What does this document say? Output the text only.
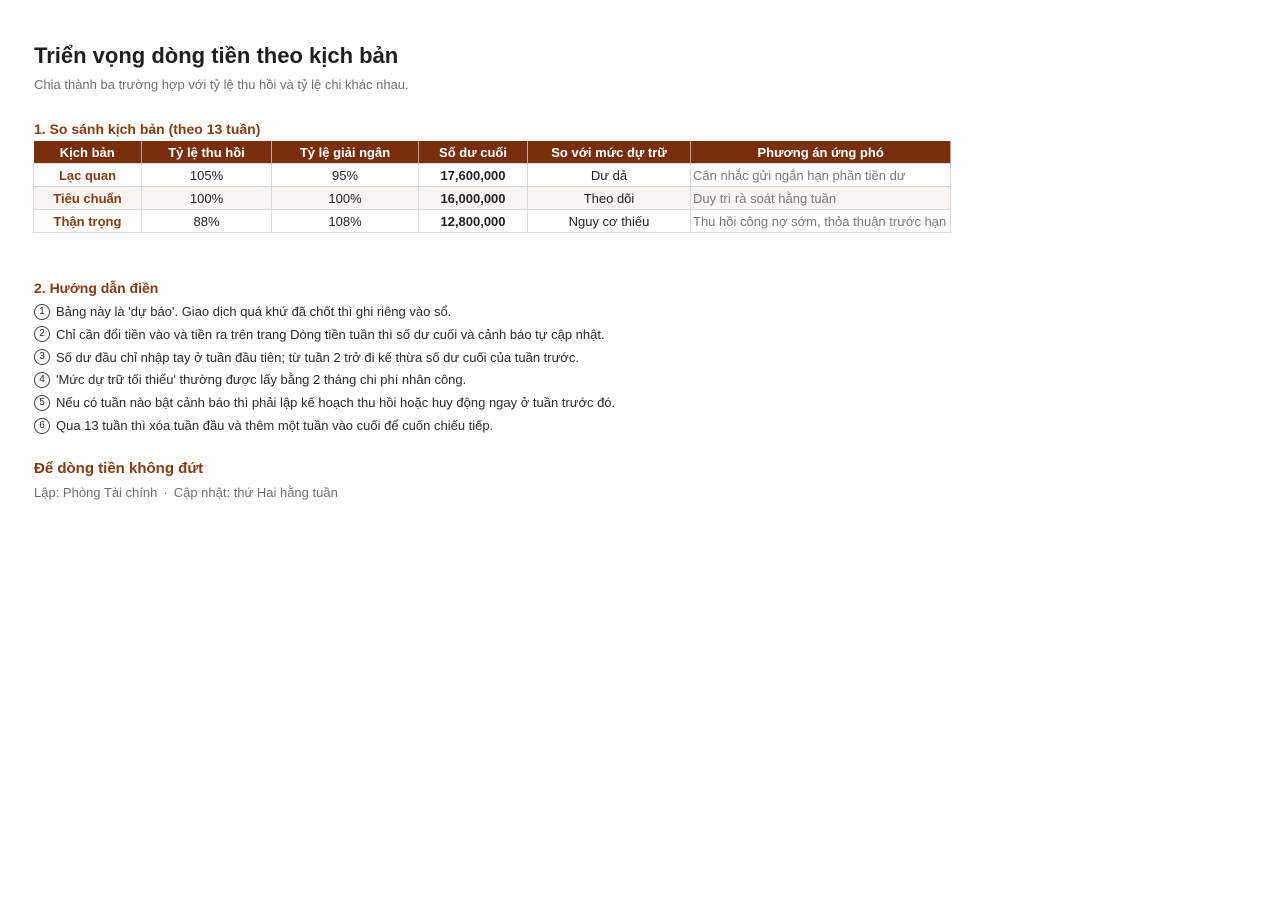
Triển vọng dòng tiền theo kịch bản
Chia thành ba trường hợp với tỷ lệ thu hồi và tỷ lệ chi khác nhau.
1. So sánh kịch bản (theo 13 tuần)
Kịch bản	Tỷ lệ thu hồi	Tỷ lệ giải ngân	Số dư cuối	So với mức dự trữ	Phương án ứng phó
Lạc quan	105%	95%	17,600,000	Dư dả	Cân nhắc gửi ngắn hạn phần tiền dư
Tiêu chuẩn	100%	100%	16,000,000	Theo dõi	Duy trì rà soát hằng tuần
Thận trọng	88%	108%	12,800,000	Nguy cơ thiếu	Thu hồi công nợ sớm, thỏa thuận trước hạn
2. Hướng dẫn điền
1 Bảng này là 'dự báo'. Giao dịch quá khứ đã chốt thì ghi riêng vào sổ.
2 Chỉ cần đổi tiền vào và tiền ra trên trang Dòng tiền tuần thì số dư cuối và cảnh báo tự cập nhật.
3 Số dư đầu chỉ nhập tay ở tuần đầu tiên; từ tuần 2 trở đi kế thừa số dư cuối của tuần trước.
4 'Mức dự trữ tối thiểu' thường được lấy bằng 2 tháng chi phí nhân công.
5 Nếu có tuần nào bật cảnh báo thì phải lập kế hoạch thu hồi hoặc huy động ngay ở tuần trước đó.
6 Qua 13 tuần thì xóa tuần đầu và thêm một tuần vào cuối để cuốn chiếu tiếp.
Để dòng tiền không đứt
Lập: Phòng Tài chính · Cập nhật: thứ Hai hằng tuần
